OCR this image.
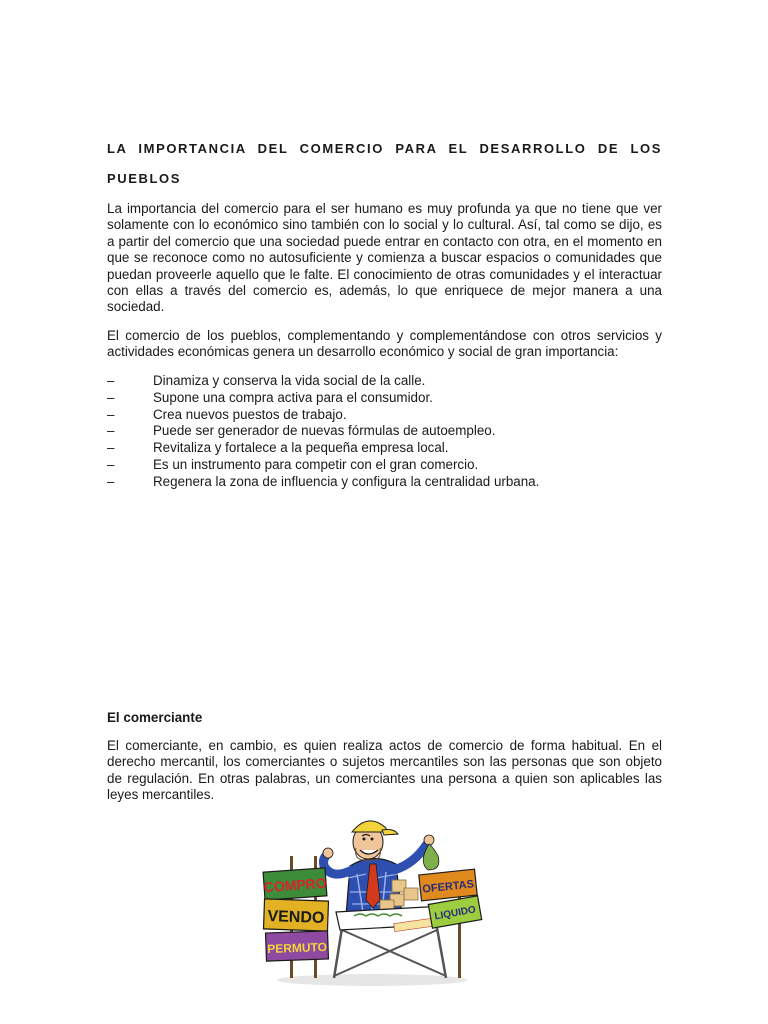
LA IMPORTANCIA DEL COMERCIO PARA EL DESARROLLO DE LOS PUEBLOS

La importancia del comercio para el ser humano es muy profunda ya que no tiene que ver solamente con lo económico sino también con lo social y lo cultural. Así, tal como se dijo, es a partir del comercio que una sociedad puede entrar en contacto con otra, en el momento en que se reconoce como no autosuficiente y comienza a buscar espacios o comunidades que puedan proveerle aquello que le falte. El conocimiento de otras comunidades y el interactuar con ellas a través del comercio es, además, lo que enriquece de mejor manera a una sociedad.

El comercio de los pueblos, complementando y complementándose con otros servicios y actividades económicas genera un desarrollo económico y social de gran importancia:

–	Dinamiza y conserva la vida social de la calle.
–	Supone una compra activa para el consumidor.
–	Crea nuevos puestos de trabajo.
–	Puede ser generador de nuevas fórmulas de autoempleo.
–	Revitaliza y fortalece a la pequeña empresa local.
–	Es un instrumento para competir con el gran comercio.
–	Regenera la zona de influencia y configura la centralidad urbana.

El comerciante

El comerciante, en cambio, es quien realiza actos de comercio de forma habitual. En el derecho mercantil, los comerciantes o sujetos mercantiles son las personas que son objeto de regulación. En otras palabras, un comerciantes una persona a quien son aplicables las leyes mercantiles.

COMPRO
VENDO
PERMUTO
OFERTAS
LIQUIDO
